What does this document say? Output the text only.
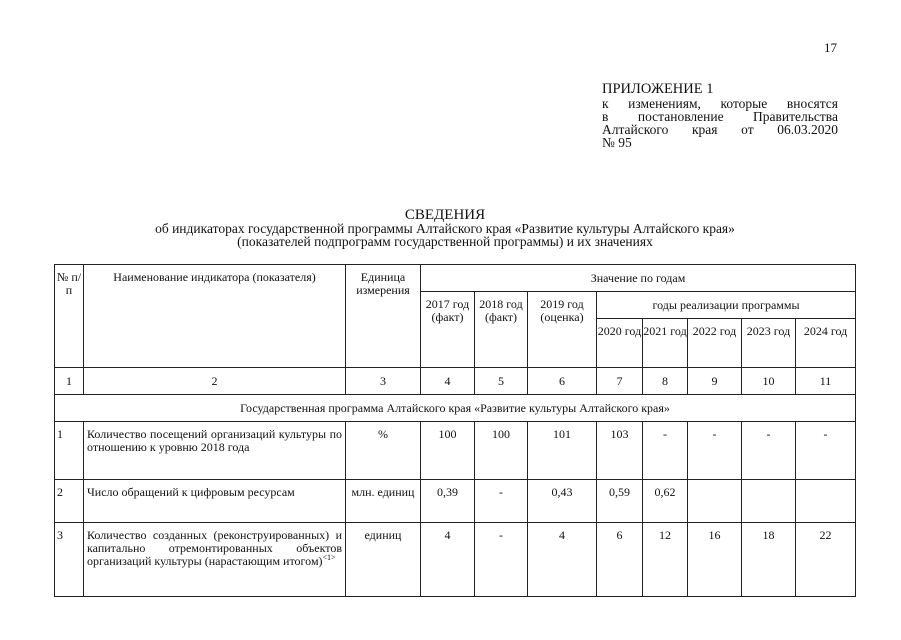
17
ПРИЛОЖЕНИЕ 1
к изменениям, которые вносятся
в постановление Правительства
Алтайского края от 06.03.2020
№ 95
СВЕДЕНИЯ
об индикаторах государственной программы Алтайского края «Развитие культуры Алтайского края»
(показателей подпрограмм государственной программы) и их значениях
№ п/п	Наименование индикатора (показателя)	Единица измерения	Значение по годам							
			2017 год (факт)	2018 год (факт)	2019 год (оценка)	годы реализации программы				
						2020 год	2021 год	2022 год	2023 год	2024 год
1	2	3	4	5	6	7	8	9	10	11
Государственная программа Алтайского края «Развитие культуры Алтайского края»										
1	Количество посещений организаций культуры по отношению к уровню 2018 года	%	100	100	101	103	-	-	-	-
2	Число обращений к цифровым ресурсам	млн. единиц	0,39	-	0,43	0,59	0,62			
3	Количество созданных (реконструированных) и капитально отремонтированных объектов организаций культуры (нарастающим итогом)$^{<1>}$	единиц	4	-	4	6	12	16	18	22
